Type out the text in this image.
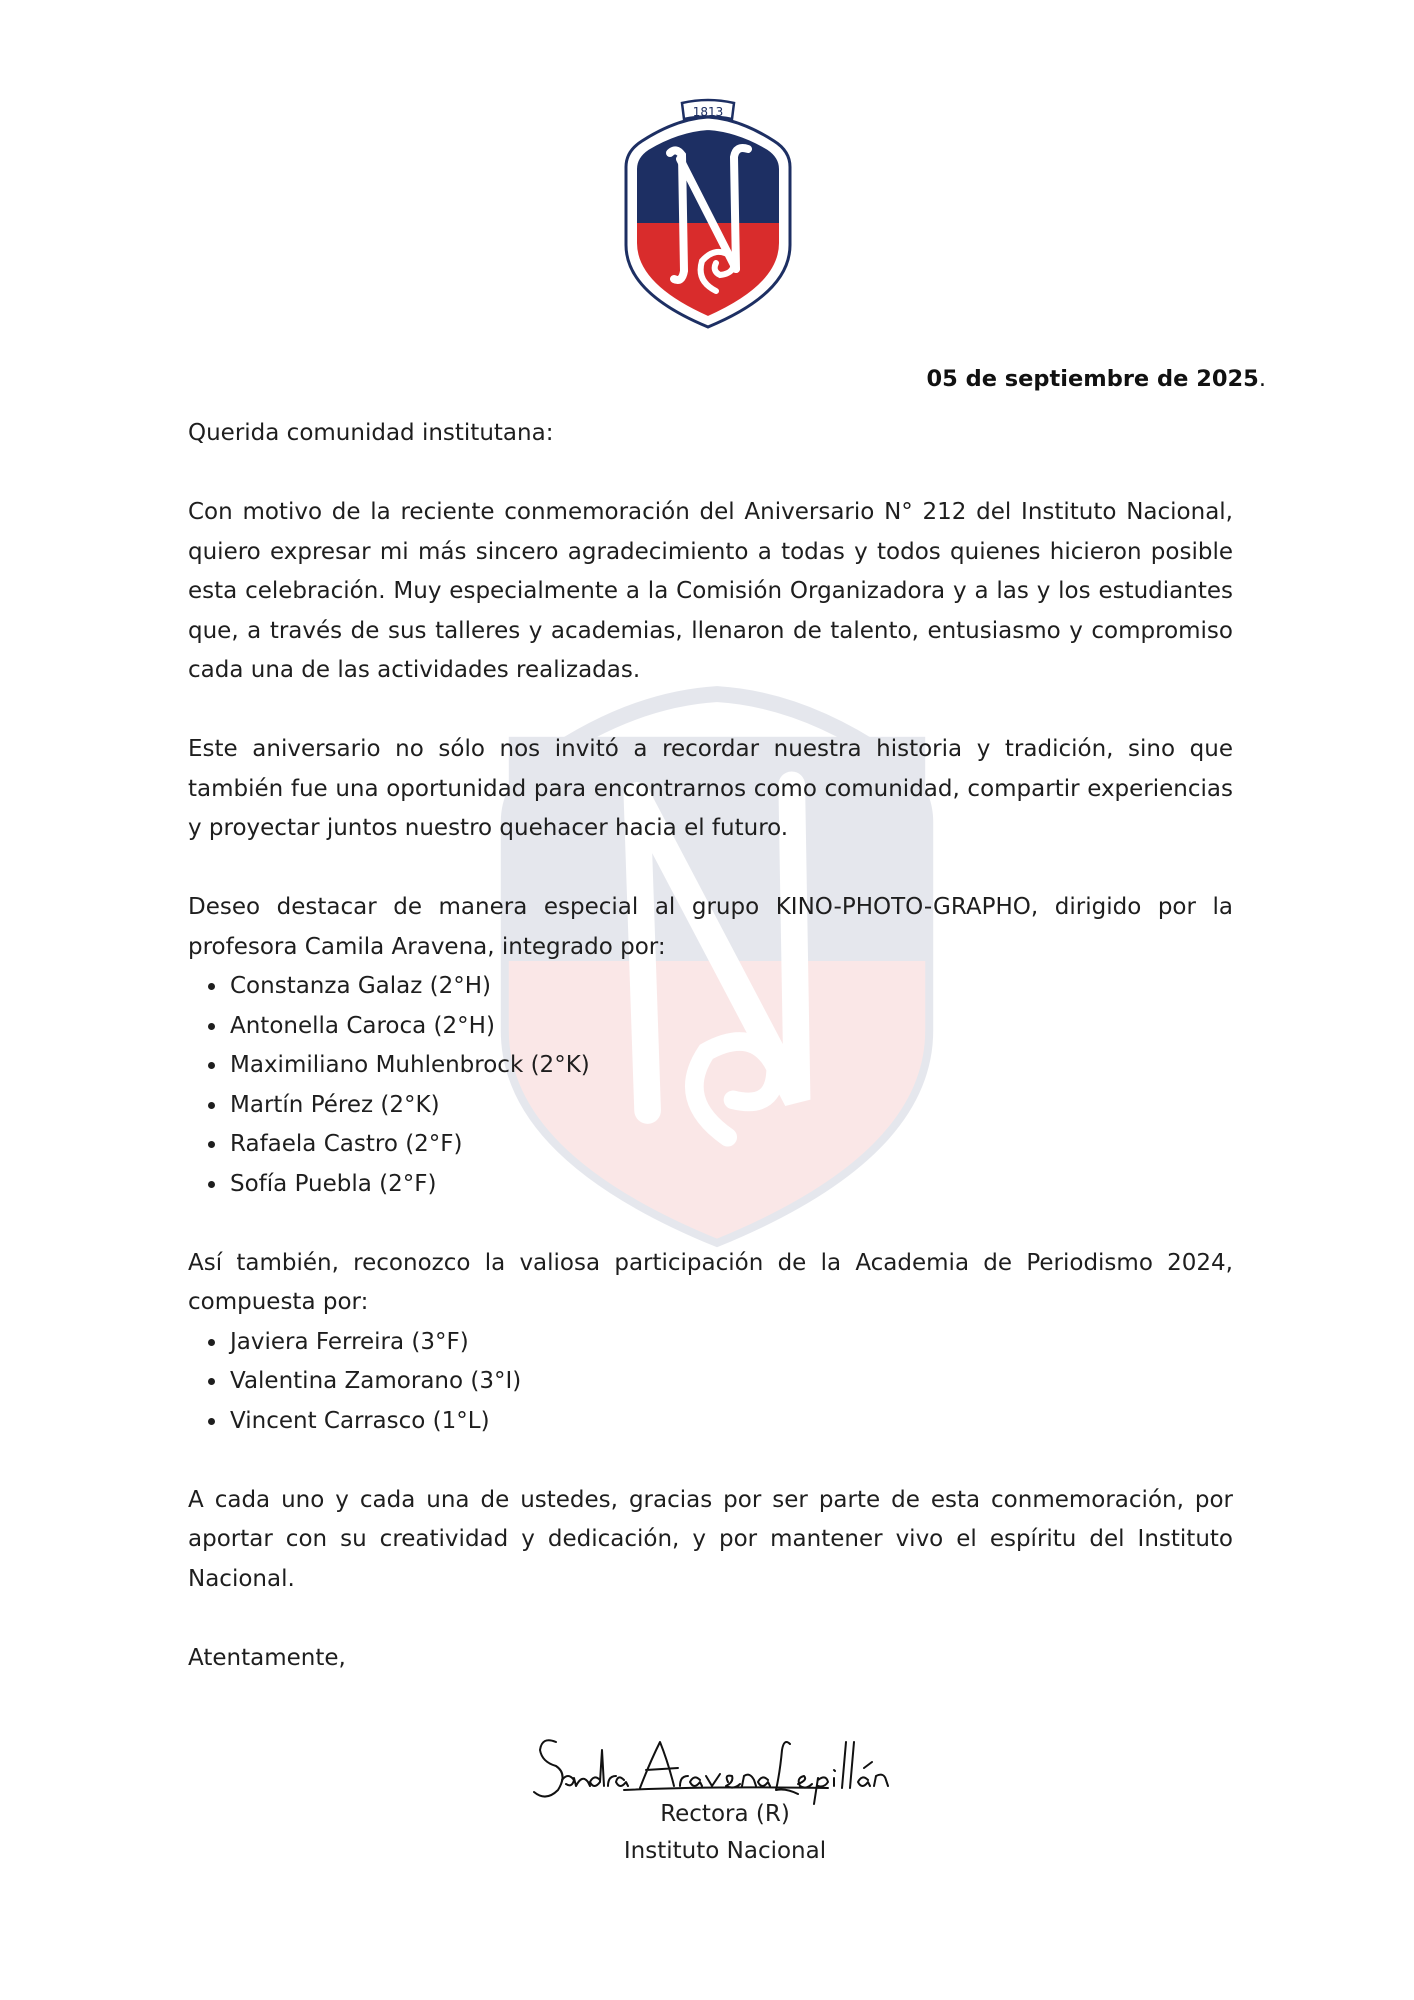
1813
05 de septiembre de 2025.

Querida comunidad institutana:

Con motivo de la reciente conmemoración del Aniversario N° 212 del Instituto Nacional, quiero expresar mi más sincero agradecimiento a todas y todos quienes hicieron posible esta celebración. Muy especialmente a la Comisión Organizadora y a las y los estudiantes que, a través de sus talleres y academias, llenaron de talento, entusiasmo y compromiso cada una de las actividades realizadas.

Este aniversario no sólo nos invitó a recordar nuestra historia y tradición, sino que también fue una oportunidad para encontrarnos como comunidad, compartir experiencias y proyectar juntos nuestro quehacer hacia el futuro.

Deseo destacar de manera especial al grupo KINO-PHOTO-GRAPHO, dirigido por la profesora Camila Aravena, integrado por:

• Constanza Galaz (2°H)
• Antonella Caroca (2°H)
• Maximiliano Muhlenbrock (2°K)
• Martín Pérez (2°K)
• Rafaela Castro (2°F)
• Sofía Puebla (2°F)

Así también, reconozco la valiosa participación de la Academia de Periodismo 2024, compuesta por:

• Javiera Ferreira (3°F)
• Valentina Zamorano (3°I)
• Vincent Carrasco (1°L)

A cada uno y cada una de ustedes, gracias por ser parte de esta conmemoración, por aportar con su creatividad y dedicación, y por mantener vivo el espíritu del Instituto Nacional.

Atentamente,

Rectora (R)
Instituto Nacional
